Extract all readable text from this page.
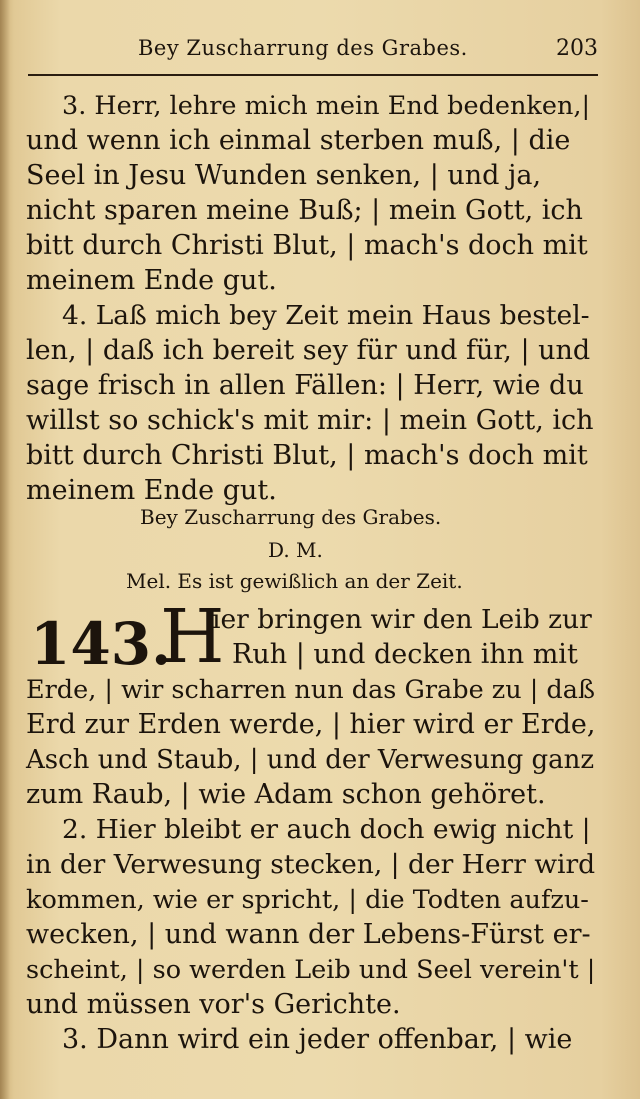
Bey Zuscharrung des Grabes.	203
3. Herr, lehre mich mein End bedenken,|
und wenn ich einmal sterben muß, | die
Seel in Jesu Wunden senken, | und ja,
nicht sparen meine Buß; | mein Gott, ich
bitt durch Christi Blut, | mach's doch mit
meinem Ende gut.
4. Laß mich bey Zeit mein Haus bestel-
len, | daß ich bereit sey für und für, | und
sage frisch in allen Fällen: | Herr, wie du
willst so schick's mit mir: | mein Gott, ich
bitt durch Christi Blut, | mach's doch mit
meinem Ende gut.
Bey Zuscharrung des Grabes.
D. M.
Mel. Es ist gewißlich an der Zeit.
143.
H
ier bringen wir den Leib zur
Ruh | und decken ihn mit
Erde, | wir scharren nun das Grabe zu | daß
Erd zur Erden werde, | hier wird er Erde,
Asch und Staub, | und der Verwesung ganz
zum Raub, | wie Adam schon gehöret.
2. Hier bleibt er auch doch ewig nicht |
in der Verwesung stecken, | der Herr wird
kommen, wie er spricht, | die Todten aufzu-
wecken, | und wann der Lebens-Fürst er-
scheint, | so werden Leib und Seel verein't |
und müssen vor's Gerichte.
3. Dann wird ein jeder offenbar, | wie
